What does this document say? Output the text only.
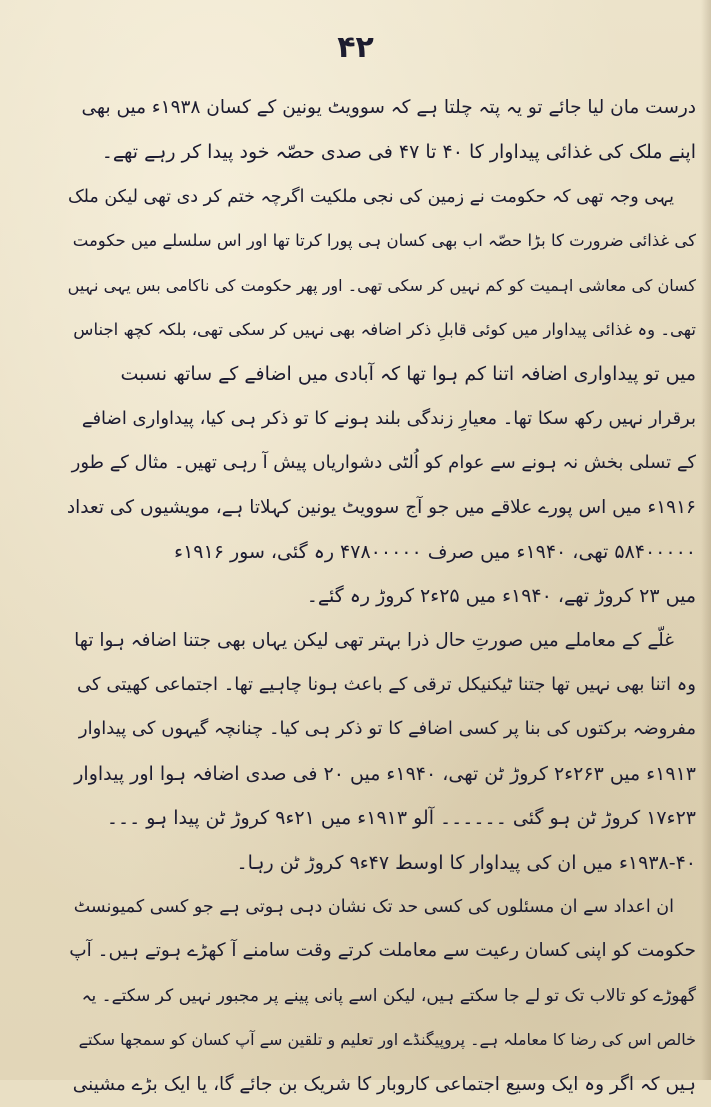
۴۲
درست مان لیا جائے تو یہ پتہ چلتا ہے کہ سوویٹ یونین کے کسان ۱۹۳۸ء میں بھی
اپنے ملک کی غذائی پیداوار کا ۴۰ تا ۴۷ فی صدی حصّہ خود پیدا کر رہے تھے۔
یہی وجہ تھی کہ حکومت نے زمین کی نجی ملکیت اگرچہ ختم کر دی تھی لیکن ملک
کی غذائی ضرورت کا بڑا حصّہ اب بھی کسان ہی پورا کرتا تھا اور اس سلسلے میں حکومت
کسان کی معاشی اہمیت کو کم نہیں کر سکی تھی۔ اور پھر حکومت کی ناکامی بس یہی نہیں
تھی۔ وہ غذائی پیداوار میں کوئی قابلِ ذکر اضافہ بھی نہیں کر سکی تھی، بلکہ کچھ اجناس
میں تو پیداواری اضافہ اتنا کم ہوا تھا کہ آبادی میں اضافے کے ساتھ نسبت
برقرار نہیں رکھ سکا تھا۔ معیارِ زندگی بلند ہونے کا تو ذکر ہی کیا، پیداواری اضافے
کے تسلی بخش نہ ہونے سے عوام کو اُلٹی دشواریاں پیش آ رہی تھیں۔ مثال کے طور
۱۹۱۶ء میں اس پورے علاقے میں جو آج سوویٹ یونین کہلاتا ہے، مویشیوں کی تعداد
۵۸۴۰۰۰۰۰ تھی، ۱۹۴۰ء میں صرف ۴۷۸۰۰۰۰۰ رہ گئی، سور ۱۹۱۶ء
میں ۲۳ کروڑ تھے، ۱۹۴۰ء میں ۲۵ء۲ کروڑ رہ گئے۔
غلّے کے معاملے میں صورتِ حال ذرا بہتر تھی لیکن یہاں بھی جتنا اضافہ ہوا تھا
وہ اتنا بھی نہیں تھا جتنا ٹیکنیکل ترقی کے باعث ہونا چاہیے تھا۔ اجتماعی کھیتی کی
مفروضہ برکتوں کی بنا پر کسی اضافے کا تو ذکر ہی کیا۔ چنانچہ گیہوں کی پیداوار
۱۹۱۳ء میں ۲۶۳ء۲ کروڑ ٹن تھی، ۱۹۴۰ء میں ۲۰ فی صدی اضافہ ہوا اور پیداوار
۲۳ء۱۷ کروڑ ٹن ہو گئی ۔۔۔۔۔۔ آلو ۱۹۱۳ء میں ۲۱ء۹ کروڑ ٹن پیدا ہو ۔۔۔
۱۹۳۸-۴۰ء میں ان کی پیداوار کا اوسط ۴۷ء۹ کروڑ ٹن رہا۔
ان اعداد سے ان مسئلوں کی کسی حد تک نشان دہی ہوتی ہے جو کسی کمیونسٹ
حکومت کو اپنی کسان رعیت سے معاملت کرتے وقت سامنے آ کھڑے ہوتے ہیں۔ آپ
گھوڑے کو تالاب تک تو لے جا سکتے ہیں، لیکن اسے پانی پینے پر مجبور نہیں کر سکتے۔ یہ
خالص اس کی رضا کا معاملہ ہے۔ پروپیگنڈے اور تعلیم و تلقین سے آپ کسان کو سمجھا سکتے
ہیں کہ اگر وہ ایک وسیع اجتماعی کاروبار کا شریک بن جائے گا، یا ایک بڑے مشینی
